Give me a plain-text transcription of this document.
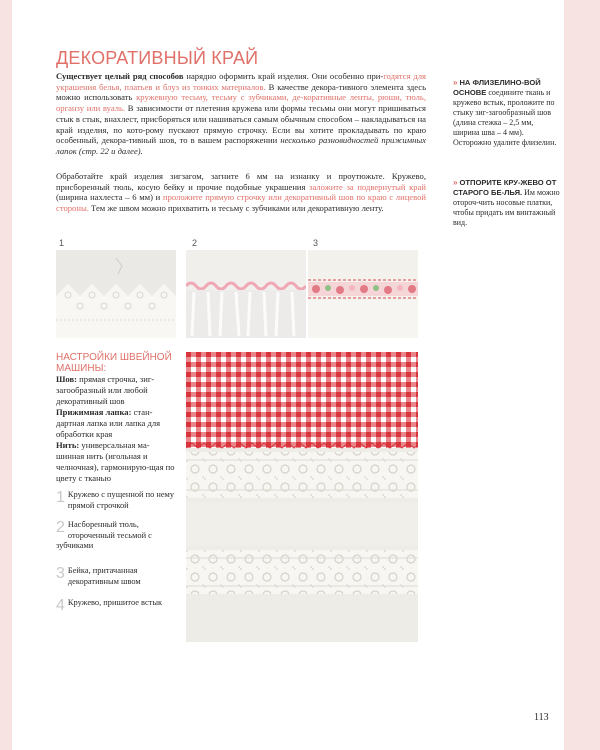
ДЕКОРАТИВНЫЙ КРАЙ
Существует целый ряд способов нарядно оформить край изделия. Они особенно при-годятся для украшения белья, платьев и блуз из тонких материалов. В качестве декора-тивного элемента здесь можно использовать кружевную тесьму, тесьму с зубчиками, де-коративные ленты, рюши, тюль, органзу или вуаль. В зависимости от плетения кружева или формы тесьмы они могут пришиваться стык в стык, внахлест, присборяться или нашиваться самым обычным способом – накладываться на край изделия, по кото-рому пускают прямую строчку. Если вы хотите прокладывать по краю особенный, декора-тивный шов, то в вашем распоряжении несколько разновидностей прижимных лапок (стр. 22 и далее).
Обработайте край изделия зигзагом, загните 6 мм на изнанку и проутюжьте. Кружево, присборенный тюль, косую бейку и прочие подобные украшения заложите за подвернутый край (ширина нахлеста – 6 мм) и проложите прямую строчку или декоративный шов по краю с лицевой стороны. Тем же швом можно прихватить и тесьму с зубчиками или декоративную ленту.
1	2	3
НАСТРОЙКИ ШВЕЙНОЙ МАШИНЫ:
Шов: прямая строчка, зиг-загообразный или любой декоративный шов
Прижимная лапка: стан-дартная лапка или лапка для обработки края
Нить: универсальная ма-шинная нить (игольная и челночная), гармонирую-щая по цвету с тканью
1 Кружево с пущенной по нему прямой строчкой
2 Насборенный тюль, отороченный тесьмой с зубчиками
3 Бейка, притачанная декоративным швом
4 Кружево, пришитое встык
» НА ФЛИЗЕЛИНО-ВОЙ ОСНОВЕ соедините ткань и кружево встык, проложите по стыку зиг-загообразный шов (длина стежка – 2,5 мм, ширина шва – 4 мм). Осторожно удалите флизелин.
» ОТПОРИТЕ КРУ-ЖЕВО ОТ СТАРОГО БЕ-ЛЬЯ. Им можно отороч-чить носовые платки, чтобы придать им винтажный вид.
113
